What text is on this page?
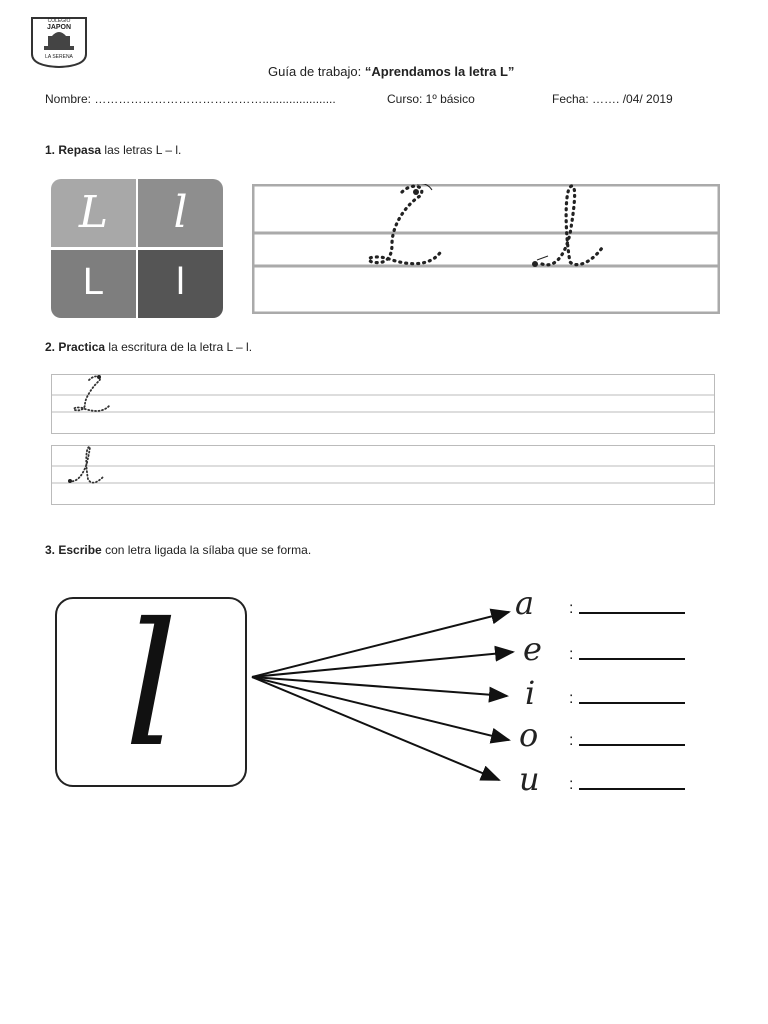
COLEGIO
JAPON
LA SERENA
Guía de trabajo: “Aprendamos la letra L”
Nombre: ……………………………………......................	Curso: 1º básico	Fecha: ……. /04/ 2019
1. Repasa las letras L – l.
L	l
L	l
2. Practica la escritura de la letra L – l.
3. Escribe con letra ligada la sílaba que se forma.
l	a :
e :
i :
o :
u :
